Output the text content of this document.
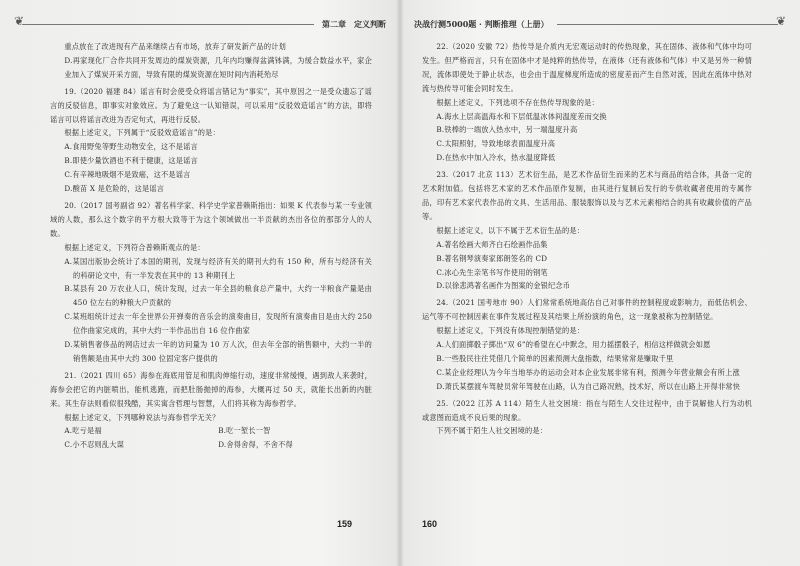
❦	第二章　定义判断

重点放在了改进现有产品来继续占有市场，放弃了研发新产品的计划

D.再家现化厂合作共同开发周边的煤炭资源，几年内均赚得盆满钵满，为缓合数益水平，家企业加入了煤炭开采方面，导致有限的煤炭资源在短时间内消耗殆尽

19.（2020 福建 84）谣言有时会使受众将谣言错记为“事实”，其中原因之一是受众遗忘了谣言的反驳信息，即事实对象效应。为了避免这一认知错误，可以采用“反驳效造谣言”的方法，即将谣言可以将谣言改进为否定句式，再进行反驳。

根据上述定义，下列属于“反驳效造谣言”的是：

A.食用野兔等野生动物安全，这不是谣言

B.即使少量饮酒也不利于健康，这是谣言

C.有辛辣地吸烟不是致癌，这不是谣言

D.酸苗 X 是危险的，这是谣言

20.（2017 国考副省 92）著名科学家、科学史学家普赖斯指出：如果 K 代表参与某一专业领域的人数，那么这个数字的平方根大致等于为这个领域做出一半贡献的杰出各位的那部分人的人数。

根据上述定义，下列符合普赖斯观点的是：

A.某国出版协会统计了本国的期刊，发现与经济有关的期刊大约有 150 种，所有与经济有关的科研论文中，有一半发表在其中的 13 种期刊上

B.某县有 20 万农业人口，统计发现，过去一年全县的粮食总产量中，大约一半粮食产量是由 450 位左右的种粮大户贡献的

C.某班组统计过去一年全世界公开弹奏的音乐会的演奏曲目，发现所有演奏曲目是由大约 250 位作曲家完成的，其中大约一半作品出自 16 位作曲家

D.某销售奢侈品的网店过去一年的访问量为 10 万人次，但去年全部的销售额中，大约一半的销售额是由其中大约 300 位固定客户提供的

21.（2021 四川 65）海参在海底用管足和肌肉伸缩行动，速度非常缓慢，遇到敌人来袭时，海参会把它的内脏喷出，能机逃跑，而把肚肠抛掉的海参，大概再过 50 天，就能长出新的内脏来。其生存法则看似很残酷，其实寓含哲理与智慧，人们将其称为海参哲学。

根据上述定义，下列哪种说法与海参哲学无关？

A.吃亏是福	B.吃一堑长一智
C.小不忍则乱大谋	D.舍得舍得，不舍不得
159
❦
决战行测5000题 · 判断推理（上册）

22.（2020 安徽 72）热传导是介质内无宏观运动时的传热现象，其在固体、液体和气体中均可发生。但严格而言，只有在固体中才是纯粹的热传导，在液体（还有液体和气体）中又是另外一种情况，流体即使处于静止状态，也会由于温度梯度所造成的密度差而产生自然对流，因此在流体中热对流与热传导可能会同时发生。

根据上述定义，下列选项不存在热传导现象的是：

A.海水上层高温海水和下层低温冰体间温度差而交换

B.铁棒的一端放入热水中，另一端温度升高

C.太阳照射，导致地球表面温度升高

D.在热水中加入冷水，热水温度降低

23.（2017 北京 113）艺术衍生品，是艺术作品衍生而来的艺术与商品的结合体，具备一定的艺术附加值。包括将艺术家的艺术作品原作复制，由其进行复制后发行的专供收藏者使用的专属作品，印有艺术家代表作品的文具、生活用品、服装服饰以及与艺术元素相结合的具有收藏价值的产品等。

根据上述定义，以下不属于艺术衍生品的是：

A.著名绘画大师齐白石绘画作品集

B.著名钢琴演奏家郎朗签名的 CD

C.冰心先生亲笔书写作使用的钢笔

D.以徐悲鸿著名画作为图案的金银纪念币

24.（2021 国考地市 90）人们常常系统地高估自己对事件的控制程度或影响力，而低估机会、运气等不可控制因素在事件发展过程及其结果上所扮演的角色，这一现象被称为控制错觉。

根据上述定义，下列没有体现控制错觉的是：

A.人们面掷骰子掷出“双 6”的希望在心中默念，用力摇摆骰子，相信这样做就会如愿

B.一些股民往往凭借几个简单的因素预测大盘指数，结果常常是赚取千里

C.某企业经理认为今年当地举办的运动会对本企业发展非常有利，预测今年营业额会有所上涨

D.萧氏某摆渡车驾驶员常年驾驶在山路，认为自己路况熟，技术好，所以在山路上开得非常快

25.（2022 江苏 A 114）陌生人社交困境：指在与陌生人交往过程中，由于误解他人行为动机或意图而造成不良后果的现象。

下列不属于陌生人社交困境的是：

160
